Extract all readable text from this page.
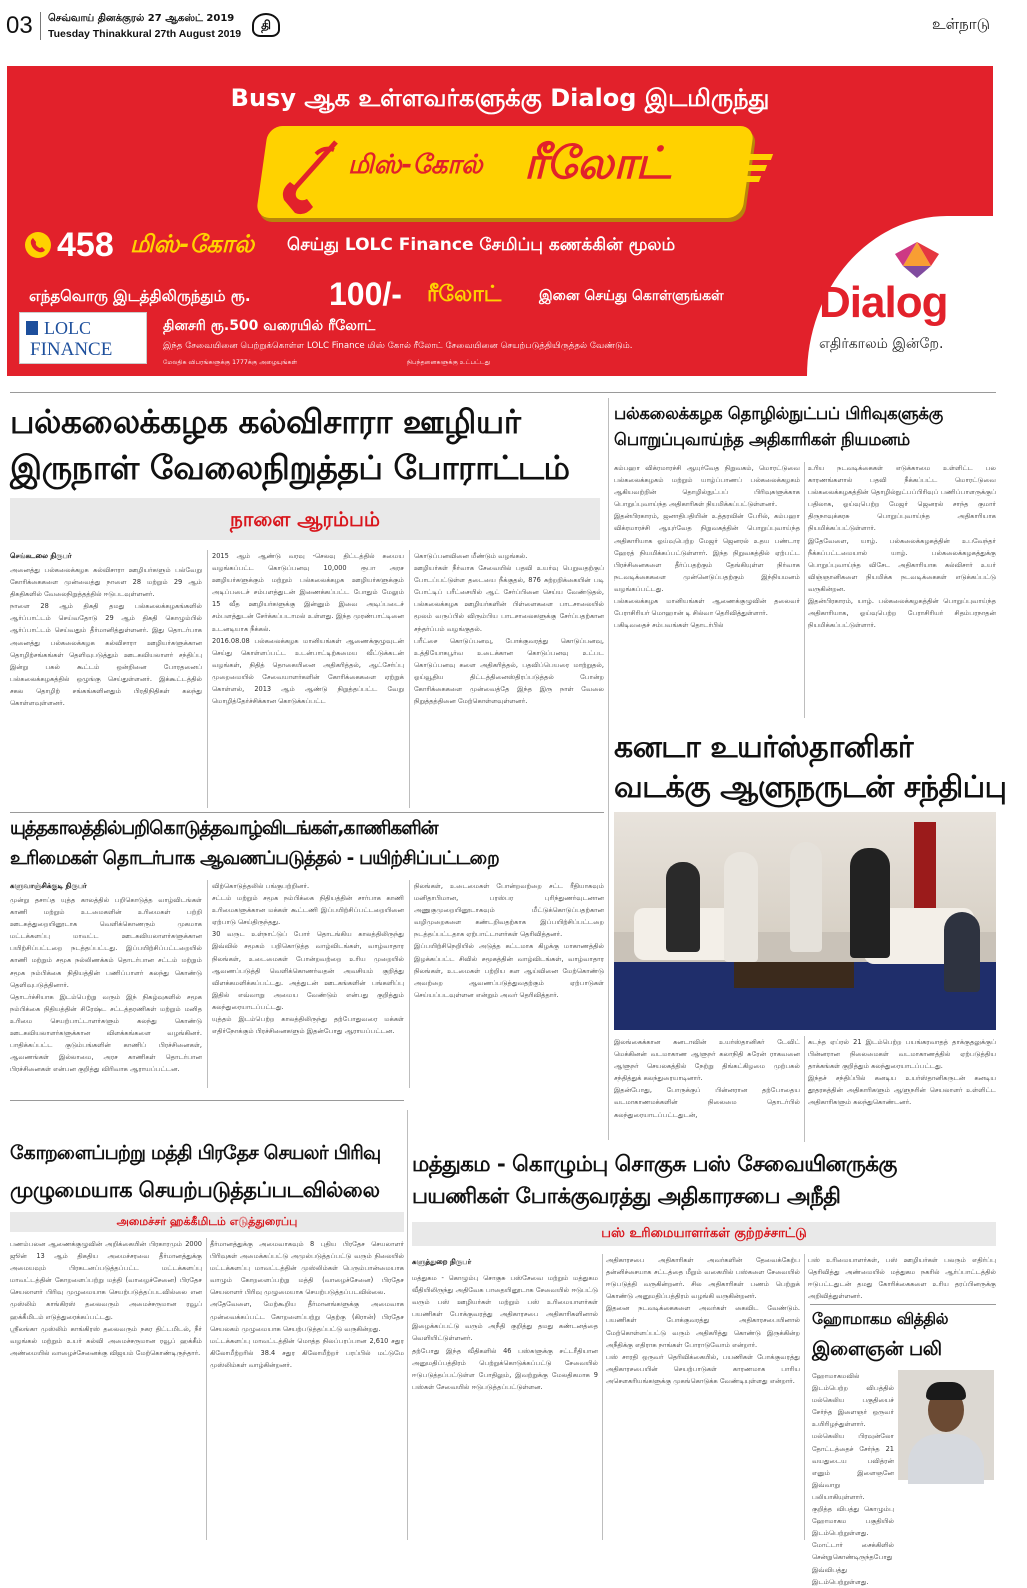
03 செவ்வாய் தினக்குரல் 27 ஆகஸ்ட் 2019
Tuesday Thinakkural 27th August 2019
தி	உள்நாடு
Busy ஆக உள்ளவர்களுக்கு Dialog இடமிருந்து
மிஸ்-கோல் ரீலோட்
458 மிஸ்-கோல் செய்து LOLC Finance சேமிப்பு கணக்கின் மூலம்
எந்தவொரு இடத்திலிருந்தும் ரூ. 100/- ரீலோட்	இனை செய்து கொள்ளுங்கள்
LOLC
FINANCE
தினசரி ரூ.500 வரையில் ரீலோட்
இந்த சேவையினை பெற்றுக்கொள்ள LOLC Finance மிஸ் கோல் ரீலோட் சேவையினை செயற்படுத்தியிருத்தல் வேண்டும்.
மேலதிக விபரங்களுக்கு 1777க்கு அழையுங்கள்	நிபந்தனைகளுக்கு உட்பட்டது
Dialog
எதிர்காலம் இன்றே.
பல்கலைக்கழக கல்விசாரா ஊழியர்
இருநாள் வேலைநிறுத்தப் போராட்டம்
நாளை ஆரம்பம்
செங்கடலை நிருபர்
அனைத்து பல்கலைக்கழக கல்விசாரா ஊழியர்களும் பல்வேறு கோரிக்கைகளை முன்வைத்து நாளை 28 மற்றும் 29 ஆம் திகதிகளில் வேலைநிறுத்தத்தில் ஈடுபடவுள்ளனர்.
நாளை 28 ஆம் திகதி தமது பல்கலைக்கழகங்களில் ஆர்ப்பாட்டம் செய்வதோடு 29 ஆம் திகதி கொழும்பில் ஆர்ப்பாட்டம் செய்வதும் தீர்மானித்துள்ளனர். இது தொடர்பாக அனைத்து பல்கலைக்கழக கல்விசாரா ஊழியர்களுக்கான தொழிற்சங்கங்கள் தெளிவுபடுத்தும் ஊடகவியலாளர் சந்திப்பு இன்று பகல் கூட்டம் ஒன்றினை போரதனைப் பல்கலைக்கழகத்தில் ஒழுங்கு செய்துள்ளனர். இக்கூட்டத்தில் சகல தொழிற் சங்கங்களினதும் பிரதிநிதிகள் கலந்து கொள்ளவுள்ளனர்.
2015 ஆம் ஆண்டு வரவு -செலவு திட்டத்தில் சுமைய வழங்கப்பட்ட கொடுப்பனவு 10,000 ரூபா அரச ஊழியர்களுக்கும் மற்றும் பல்கலைக்கழக ஊழியர்களுக்கும் அடிப்படைச் சம்பளத்துடன் இணைக்கப்பட்ட போதும் மேலும் 15 வீத ஊழியர்களுக்கு இன்னும் இவை அடிப்படைச் சம்பளத்துடன் சேர்க்கப்படாமல் உள்ளது. இந்த முரண்பாட்டினை உடனடியாக நீக்கல்.
2016.08.08 பல்கலைக்கழக மானியங்கள் ஆணைக்குழுவுடன் செய்து கொள்ளப்பட்ட உடன்பாட்டிற்கமைய வீட்டுக்கடன் வழங்கள், நிதித் தொகையினை அதிகரித்தல், ஆட்சேர்ப்பு முறைமையில் சேவையாளர்களின் கோரிக்கைகளை ஏற்றுக் கொள்ளல், 2013 ஆம் ஆண்டு நிறுத்தப்பட்ட வேறு மொழித்தேர்ச்சிக்கான கொடுக்கப்பட்ட
கொடுப்பனவினை மீண்டும் வழங்கல்.
ஊழியர்கள் நீர்வாக சேவையில் பதவி உயர்வு பெறுவதற்குப் போடப்பட்டுள்ள தடையை நீக்குதல், 876 சுற்றறிக்கையின் படி போட்டிப் பரீட்சையில் ஆட் சேர்ப்பினை செய்ய வேண்டுதல், பல்கலைக்கழக ஊழியர்களின் பிள்ளைகளை பாடசாலையில் மூலம் வருப்பில் விரும்பிய பாடசாலைகளுக்கு சேர்ப்பதற்கான சந்தர்ப்பம் வழங்குதல்.
பரீட்சை கொடுப்பனவு, போக்குவரத்து கொடுப்பனவு, உத்தியோகபூர்வ உடைக்கான கொடுப்பனவு உட்பட கொடுப்பனவு களை அதிகரித்தல், பதவிப்பெயரை மாற்றுதல், ஓய்வூதிய திட்டத்தினைஸ்திரப்படுத்தல் போன்ற கோரிக்கைகளை முன்வைத்தே இந்த இரு நாள் வேலை நிறுத்தத்தினை மேற்கொள்ளவுள்ளனர்.
பல்கலைக்கழக தொழில்நுட்பப் பிரிவுகளுக்கு
பொறுப்புவாய்ந்த அதிகாரிகள் நியமனம்
கம்பஹா விக்ரமாரச்சி ஆயுர்வேத நிறுவகம், மொரட்டுவை பல்கலைக்கழகம் மற்றும் யாழ்ப்பாணப் பல்கலைக்கழகம் ஆகியவற்றின் தொழில்நுட்பப் பிரிவுகளுக்காக பொறுப்புவாய்ந்த அதிகாரிகள் நியமிக்கப்பட்டுள்ளனர்.
இதன்பிரகாரம், ஜனாதிபதியின் உத்தரவின் பேரில், கம்பஹா விக்ரமாரச்சி ஆயுர்வேத நிறுவகத்தின் பொறுப்புவாய்ந்த அதிகாரியாக ஓய்வுபெற்ற மேஜர் ஜெனரல் உதய பண்டார ஹேரத் நியமிக்கப்பட்டுள்ளார். இந்த நிறுவகத்தில் ஏற்பட்ட பிரச்சினைகளை தீர்ப்பதற்கும் தேங்கியுள்ள நிர்வாக நடவடிக்கைகளை முன்னெடுப்பதற்கும் இந்நியமனம் வழங்கப்பட்டது.
பல்கலைக்கழக மானியங்கள் ஆணைக்குழுவின் தலைவர் பேராசிரியர் மொஹான் டி சில்வா தெரிவித்துள்ளார்.
பகிடிவதைச் சம்பவங்கள் தொடர்பில்
உரிய நடவடிக்கைகள் எடுக்காமை உள்ளிட்ட பல காரணங்களால் பதவி நீக்கப்பட்ட மொரட்டுவை பல்கலைக்கழகத்தின் தொழில்நுட்பப்பிரிவுப் பணிப்பாளருக்குப் பதிலாக, ஓய்வுபெற்ற மேஜர் ஜெனரல் சாந்த குமார் திருநாவுக்கரசு பொறுப்புவாய்ந்த அதிகாரியாக நியமிக்கப்பட்டுள்ளார்.
இதேவேளை, யாழ். பல்கலைக்கழகத்தின் உபவேந்தர் நீக்கப்பட்டமையால் யாழ். பல்கலைக்கழகத்துக்கு பொறுப்புவாய்ந்த விசேட அதிகாரியாக கல்விசார் உயர் விஞ்ஞானிகளை நியமிக்க நடவடிக்கைகள் எடுக்கப்பட்டு வருகின்றன.
இதன்பிரகாரம், யாழ். பல்கலைக்கழகத்தின் பொறுப்புவாய்ந்த அதிகாரியாக, ஓய்வுபெற்ற பேராசிரியர் சிதம்பரநாதன் நியமிக்கப்பட்டுள்ளார்.
கனடா உயர்ஸ்தானிகர்
வடக்கு ஆளுநருடன் சந்திப்பு
இலங்கைக்கான கனடாவின் உயர்ஸ்தானிகர் டேவிட் மெக்கினன் வடமாகாண ஆளுநர் கலாநிதி சுரேன் ராகவனை ஆளுநர் செயலகத்தில் நேற்று திங்கட்கிழமை முற்பகல் சந்தித்துக் கலந்துரையாடினார்.
இதன்போது, போருக்குப் பின்னரான தற்போதைய வடமாகாணமக்களின் நிலைமை தொடர்பில் கலந்துரையாடப்பட்டதுடன்,
கடந்த ஏப்ரல் 21 இடம்பெற்ற பயங்கரவாதத் தாக்குதலுக்குப் பின்னரான நிலைமைகள் வடமாகாணத்தில் ஏற்படுத்திய தாக்கங்கள் குறித்தும் கலந்துரையாடப்பட்டது.
இந்தச் சந்திப்பில் கனடிய உயர்ஸ்தானிகருடன் கனடிய தூதரகத்தின் அதிகாரிகளும் ஆளுநரின் செயலாளர் உள்ளிட்ட அதிகாரிகளும் கலந்துகொண்டனர்.
யுத்தகாலத்தில்பறிகொடுத்தவாழ்விடங்கள்,காணிகளின்
உரிமைகள் தொடர்பாக ஆவணப்படுத்தல் - பயிற்சிப்பட்டறை
களுவாஞ்சிக்குடி நிருபர்
முன்று தசாப்த யுத்த காலத்தில் பறிகொடுத்த வாழ்விடங்கள் காணி மற்றும் உடமைகளின் உரிமைகள் பற்றி ஊடகத்துறையினூடாக வெளிக்கொணரும் முகமாக மட்டக்களப்பு மாவட்ட ஊடகவியலாளர்களுக்கான பயிற்சிப்பட்டறை நடத்தப்பட்டது. இப்பயிற்சிப்பட்டறையில் காணி மற்றும் சமூக நல்லிணக்கம் தொடர்பான சட்டம் மற்றும் சமூக நம்பிக்கை நிதியத்தின் பணிப்பாளர் கலந்து கொண்டு தெளிவுபடுத்தினார்.
தொடர்ச்சியாக இடம்பெற்று வரும் இந் நிகழ்வுகளில் சமூக நம்பிக்கை நிதியத்தின் சிரேஷ்ட சட்டத்தரணிகள் மற்றும் மனித உரிமை செயற்பாட்டாளர்களும் கலந்து கொண்டு ஊடகவியலாளர்களுக்கான விளக்கங்களை வழங்கினர். பாதிக்கப்பட்ட குடும்பங்களின் காணிப் பிரச்சினைகள், ஆவணங்கள் இல்லாமை, அரச காணிகள் தொடர்பான பிரச்சினைகள் என்பன குறித்து விரிவாக ஆராயப்பட்டன.
விற்கொடுத்தலில் பங்குபற்றினர்.
சட்டம் மற்றும் சமூக நம்பிக்கை நிதியத்தின் சார்பாக காணி உரிமைகளுக்கான மக்கள் கூட்டணி இப்பயிற்சிப்பட்டறையினை ஏற்பாடு செய்திருந்தது.
30 வருட உள்நாட்டுப் போர் தொடங்கிய காலத்திலிருந்து இவ்வில் சமூகம் பறிகொடுத்த வாழ்விடங்கள், வாழ்வாதார நிலங்கள், உடைமைகள் போன்றவற்றை உரிய முறையில் ஆவணப்படுத்தி வெளிக்கொணர்வதன் அவசியம் குறித்து விளக்கமளிக்கப்பட்டது. அத்துடன் ஊடகங்களின் பங்களிப்பு இதில் எவ்வாறு அமைய வேண்டும் என்பது குறித்தும் கலந்துரையாடப்பட்டது.
யுத்தம் இடம்பெற்ற காலத்திலிருந்து தற்போதுவரை மக்கள் எதிர்நோக்கும் பிரச்சினைகளும் இதன்போது ஆராயப்பட்டன.
நிலங்கள், உடைமைகள் போன்றவற்றை சட்ட ரீதியாகவும் மனிதாபிமான, பரஸ்பர புரிந்துணர்வுடனான அணுகுமுறையினூடாகவும் மீட்டுக்கொடுப்பதற்கான வழிமுறைகளை கண்டறிவதற்காக இப்பயிற்சிப்பட்டறை நடத்தப்பட்டதாக ஏற்பாட்டாளர்கள் தெரிவித்தனர்.
இப்பயிற்சிநெறியில் அடுத்த கட்டமாக கிழக்கு மாகாணத்தில் இழக்கப்பட்ட சிவில் சமூகத்தின் வாழ்விடங்கள், வாழ்வாதார நிலங்கள், உடமைகள் பற்றிய கள ஆய்வினை மேற்கொண்டு அவற்றை ஆவணப்படுத்துவதற்கும் ஏற்பாடுகள் செய்யப்படவுள்ளன என்றும் அவர் தெரிவித்தார்.
மத்துகம - கொழும்பு சொகுசு பஸ் சேவையினருக்கு
பயணிகள் போக்குவரத்து அதிகாரசபை அநீதி
பஸ் உரிமையாளர்கள் குற்றச்சாட்டு
களுத்துறை நிருபர்
மத்துகம - கொழும்பு சொகுசு பஸ்சேவை மற்றும் மத்துகம வீதியிலிருந்து அதிவேக பாதையினூடாக சேவையில் ஈடுபட்டு வரும் பஸ் ஊழியர்கள் மற்றும் பஸ் உரிமையாளர்கள் பயணிகள் போக்குவரத்து அதிகாரசபை அதிகாரிகளினால் இழைக்கப்பட்டு வரும் அநீதி குறித்து தமது கண்டனத்தை வெளியிட்டுள்ளனர்.
தற்போது இந்த வீதிகளில் 46 பஸ்களுக்கு சட்டரீதியான அனுமதிப்பத்திரம் பெற்றுக்கொடுக்கப்பட்டு சேவையில் ஈடுபடுத்தப்பட்டுள்ள போதிலும், இவற்றுக்கு மேலதிகமாக 9 பஸ்கள் சேவையில் ஈடுபடுத்தப்பட்டுள்ளன.
அதிகாரசபை அதிகாரிகள் அவர்களின் தேவைக்கேற்ப தன்னிச்சையாக சட்டத்தை மீறும் வகையில் பஸ்களை சேவையில் ஈடுபடுத்தி வருகின்றனர். சில அதிகாரிகள் பணம் பெற்றுக் கொண்டு அனுமதிப்பத்திரம் வழங்கி வருகின்றனர்.
இதனை நடவடிக்கைகளை அவர்கள் கைவிட வேண்டும். பயணிகள் போக்குவரத்து அதிகாரசபையினால் மேற்கொள்ளப்பட்டு வரும் அதிகரித்து கொண்டு இருக்கின்ற அநீதிக்கு எதிராக நாங்கள் போராடுவோம் என்றார்.
பஸ் சாரதி ஒருவர் தெரிவிக்கையில், பயணிகள் போக்குவரத்து அதிகாரசபையின் செயற்பாடுகள் காரணமாக பாரிய அசௌகரியங்களுக்கு முகங்கொடுக்க வேண்டியுள்ளது என்றார்.
பஸ் உரிமையாளர்கள், பஸ் ஊழியர்கள் பலரும் எதிர்ப்பு தெரிவித்து அண்மையில் மத்துகம நகரில் ஆர்ப்பாட்டத்தில் ஈடுபட்டதுடன் தமது கோரிக்கைகளை உரிய தரப்பினருக்கு அறிவித்துள்ளனர்.
கோறளைப்பற்று மத்தி பிரதேச செயலர் பிரிவு
முழுமையாக செயற்படுத்தப்படவில்லை
அமைச்சர் ஹக்கீமிடம் எடுத்துரைப்பு
பணம்பலன ஆணைக்குழுவின் அறிக்கையின் பிரகாரமும் 2000 ஜூன் 13 ஆம் திகதிய அமைச்சரவை தீர்மானத்துக்கு அமையவும் பிரகடனப்படுத்தப்பட்ட மட்டக்களப்பு மாவட்டத்தின் கோறளைப்பற்று மத்தி (வாழைச்சேனை) பிரதேச செயலாளர் பிரிவு முழுமையாக செயற்படுத்தப்படவில்லை என முஸ்லிம் காங்கிரஸ் தலைவரும் அமைச்சருமான ரவூப் ஹக்கீமிடம் எடுத்துரைக்கப்பட்டது.
ஸ்ரீலங்கா முஸ்லிம் காங்கிரஸ் தலைவரும் நகர திட்டமிடல், நீர் வழங்கல் மற்றும் உயர் கல்வி அமைச்சருமான ரவூப் ஹக்கீம் அண்மையில் வாழைச்சேனைக்கு விஜயம் மேற்கொண்டிருந்தார்.
தீர்மானத்துக்கு அமைவாகவும் 8 புதிய பிரதேச செயலாளர் பிரிவுகள் அமைக்கப்பட்டு அமுல்படுத்தப்பட்டு வரும் நிலையில் மட்டக்களப்பு மாவட்டத்தின் முஸ்லிம்கள் பெரும்பான்மையாக வாழும் கோறளைப்பற்று மத்தி (வாழைச்சேனை) பிரதேச செயலாளர் பிரிவு முழுமையாக செயற்படுத்தப்படவில்லை.
அதேவேளை, மேற்கூறிய தீர்மானங்களுக்கு அமைவாக முன்வைக்கப்பட்ட கோறளைப்பற்று தெற்கு (கிரான்) பிரதேச செயலகம் முழுமையாக செயற்படுத்தப்பட்டு வருகின்றது.
மட்டக்களப்பு மாவட்டத்தின் மொத்த நிலப்பரப்பான 2,610 சதுர கிலோமீற்றரில் 38.4 சதுர கிலோமீற்றர் பரப்பில் மட்டுமே முஸ்லிம்கள் வாழ்கின்றனர்.
ஹோமாகம வித்தில்
இளைஞன் பலி
ஹோமாகமவில் இடம்பெற்ற விபத்தில் மல்கெலிய பகுதியைச் சேர்ந்த இளைஞர் ஒருவர் உயிரிழந்துள்ளார்.
மல்கெலிய பிரவுன்லோ தோட்டத்தைச் சேர்ந்த 21 வயதுடைய பவித்ரன் எனும் இளைஞனே இவ்வாறு பலியாகியுள்ளார்.
குறித்த விபத்து கொழும்பு ஹோமாகம பகுதியில் இடம்பெற்றுள்ளது. மோட்டார் சைக்கிளில் சென்றுகொண்டிருந்தபோது இவ்விபத்து இடம்பெற்றுள்ளது.
